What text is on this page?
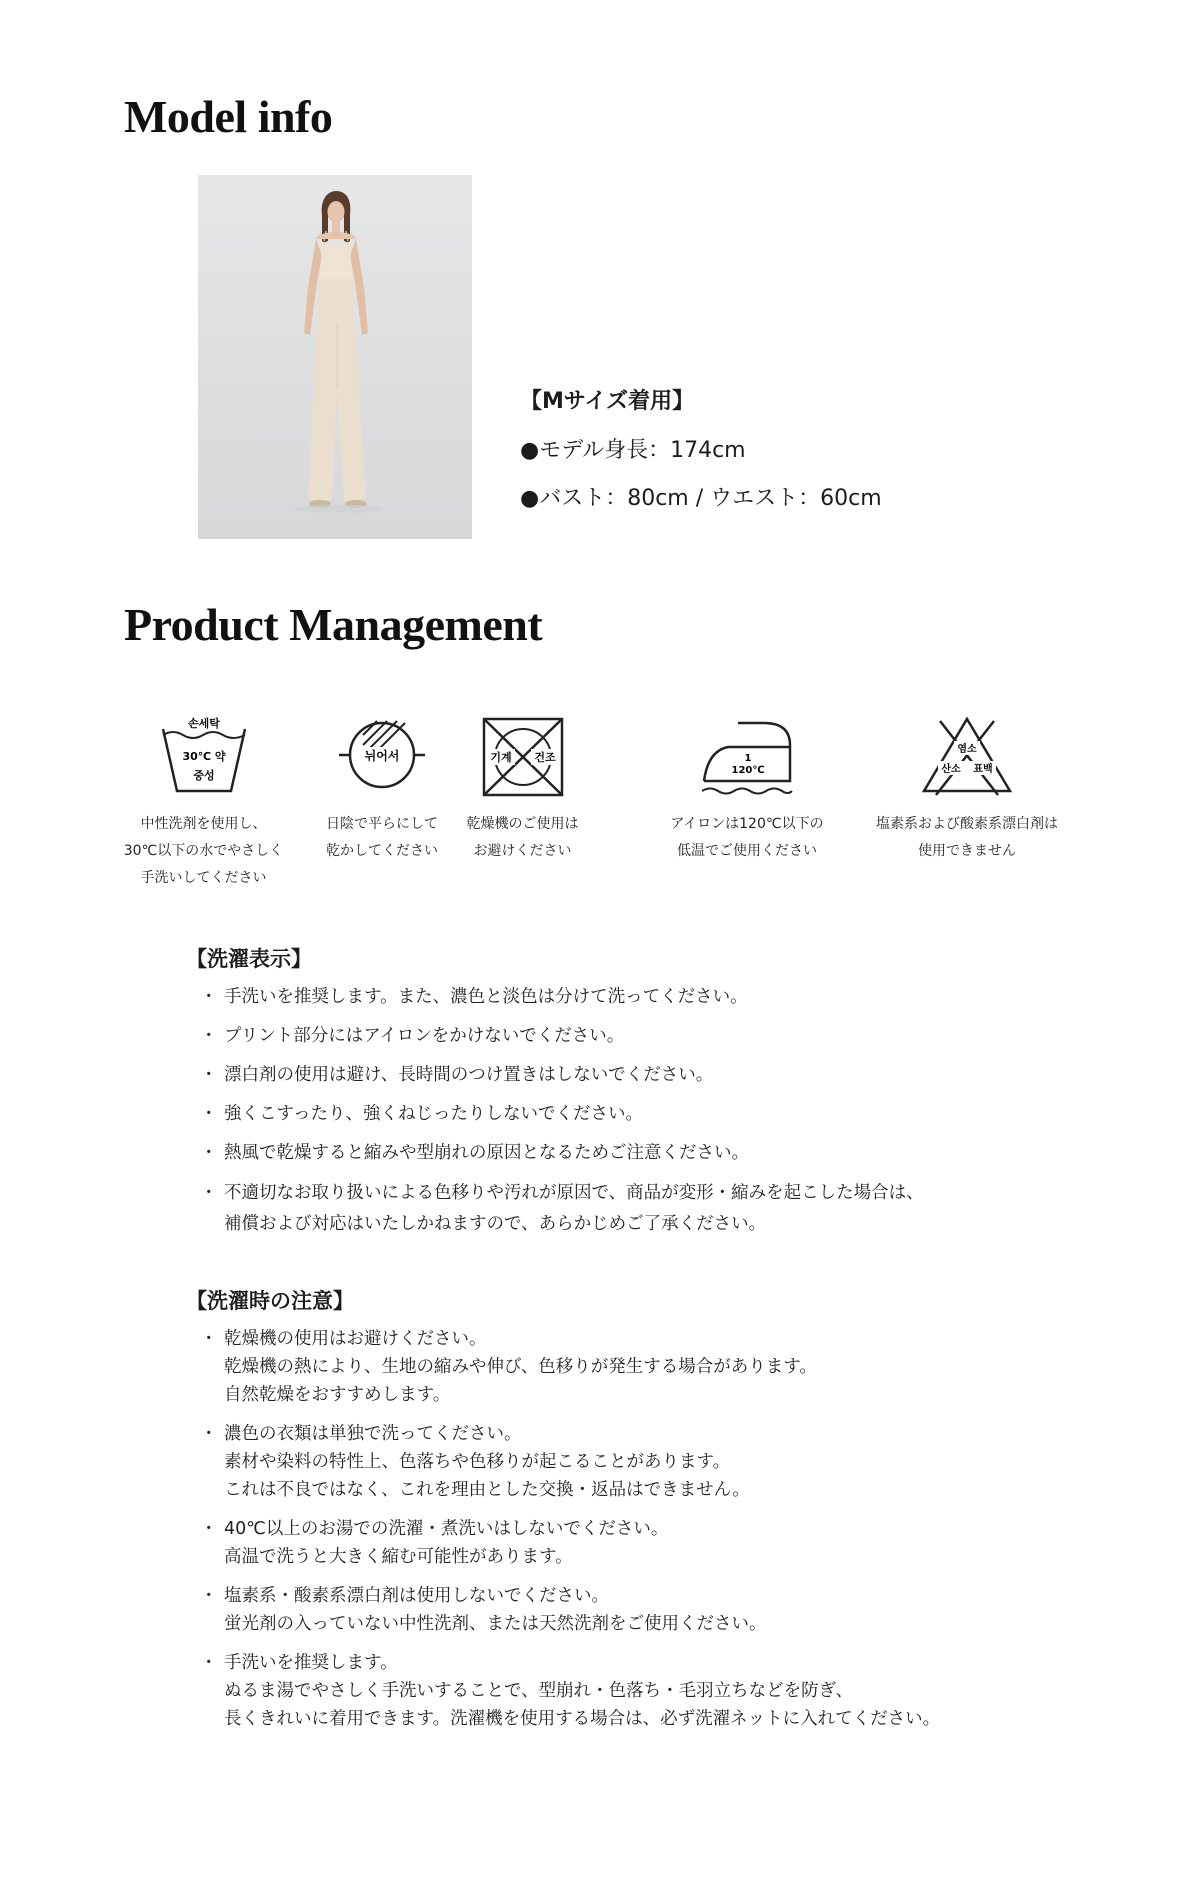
Model info
【Mサイズ着用】
●モデル身長：174cm
●バスト：80cm / ウエスト：60cm
Product Management
손세탁
30℃ 약
중성
中性洗剤を使用し、
30℃以下の水でやさしく
手洗いしてください
뉘어서
日陰で平らにして
乾かしてください
기계 건조
乾燥機のご使用は
お避けください
1
120℃
アイロンは120℃以下の
低温でご使用ください
염소
산소 표백
塩素系および酸素系漂白剤は
使用できません
【洗濯表示】
・ 手洗いを推奨します。また、濃色と淡色は分けて洗ってください。
・ プリント部分にはアイロンをかけないでください。
・ 漂白剤の使用は避け、長時間のつけ置きはしないでください。
・ 強くこすったり、強くねじったりしないでください。
・ 熱風で乾燥すると縮みや型崩れの原因となるためご注意ください。
・ 不適切なお取り扱いによる色移りや汚れが原因で、商品が変形・縮みを起こした場合は、
補償および対応はいたしかねますので、あらかじめご了承ください。
【洗濯時の注意】
・ 乾燥機の使用はお避けください。
乾燥機の熱により、生地の縮みや伸び、色移りが発生する場合があります。
自然乾燥をおすすめします。
・ 濃色の衣類は単独で洗ってください。
素材や染料の特性上、色落ちや色移りが起こることがあります。
これは不良ではなく、これを理由とした交換・返品はできません。
・ 40℃以上のお湯での洗濯・煮洗いはしないでください。
高温で洗うと大きく縮む可能性があります。
・ 塩素系・酸素系漂白剤は使用しないでください。
蛍光剤の入っていない中性洗剤、または天然洗剤をご使用ください。
・ 手洗いを推奨します。
ぬるま湯でやさしく手洗いすることで、型崩れ・色落ち・毛羽立ちなどを防ぎ、
長くきれいに着用できます。洗濯機を使用する場合は、必ず洗濯ネットに入れてください。
